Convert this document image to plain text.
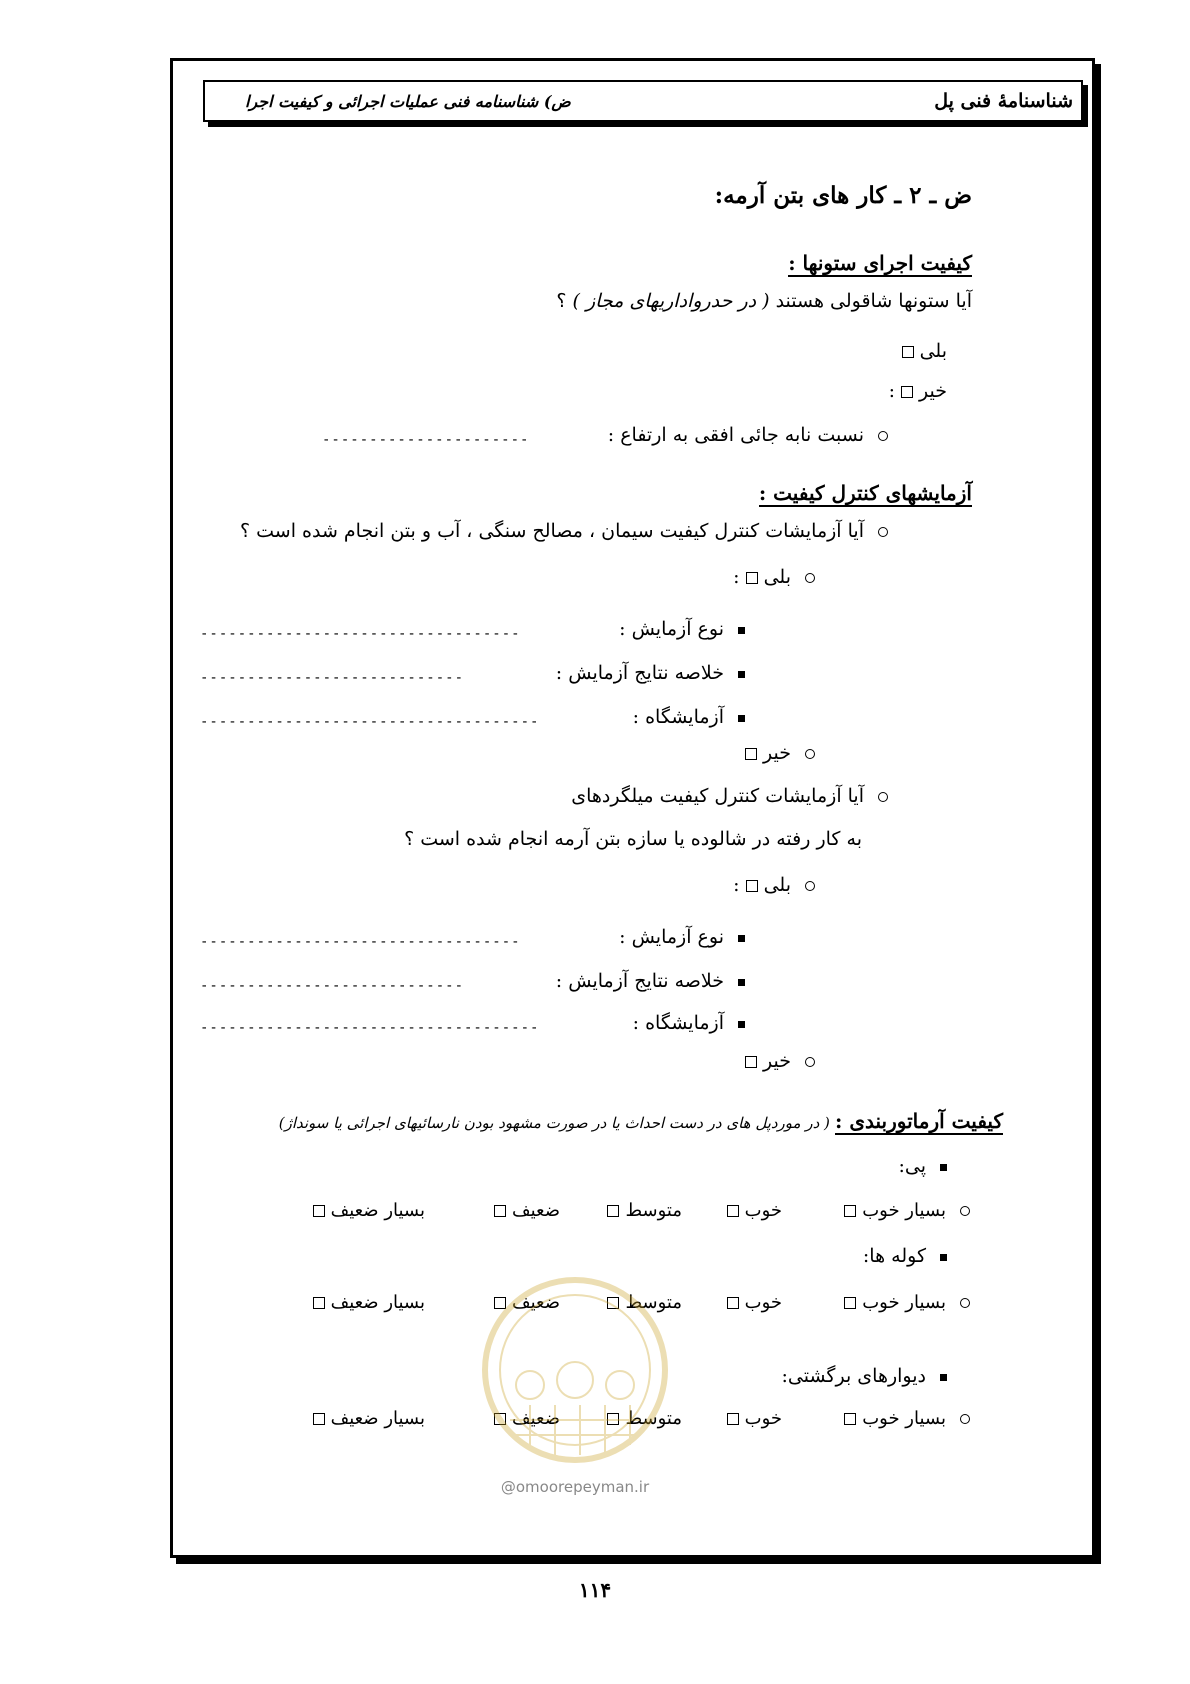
شناسنامهٔ فنی پل
ض) شناسنامه فنی عملیات اجرائی و کیفیت اجرا
ض ـ ۲ ـ کار های بتن آرمه:
کیفیت اجرای ستونها :
آیا ستونها شاقولی هستند ( در حدرواداریهای مجاز ) ؟
بلی
خیر:
نسبت نابه جائی افقی به ارتفاع :
----------------------
آزمایشهای کنترل کیفیت :
آیا آزمایشات کنترل کیفیت سیمان ، مصالح سنگی ، آب و بتن انجام شده است ؟
بلی:
نوع آزمایش :
----------------------------------
خلاصه نتایج آزمایش :
----------------------------
آزمایشگاه :
------------------------------------
خیر
آیا آزمایشات کنترل کیفیت میلگردهای
به کار رفته در شالوده یا سازه بتن آرمه انجام شده است ؟
بلی:
نوع آزمایش :
----------------------------------
خلاصه نتایج آزمایش :
----------------------------
آزمایشگاه :
------------------------------------
خیر
کیفیت آرماتوربندی : ( در موردپل های در دست احداث یا در صورت مشهود بودن نارسائیهای اجرائی یا سونداژ)
پی:
بسیار خوب
خوب
متوسط
ضعیف
بسیار ضعیف
کوله ها:
بسیار خوب
خوب
متوسط
ضعیف
بسیار ضعیف
دیوارهای برگشتی:
بسیار خوب
خوب
متوسط
ضعیف
بسیار ضعیف
@omoorepeyman.ir
۱۱۴
